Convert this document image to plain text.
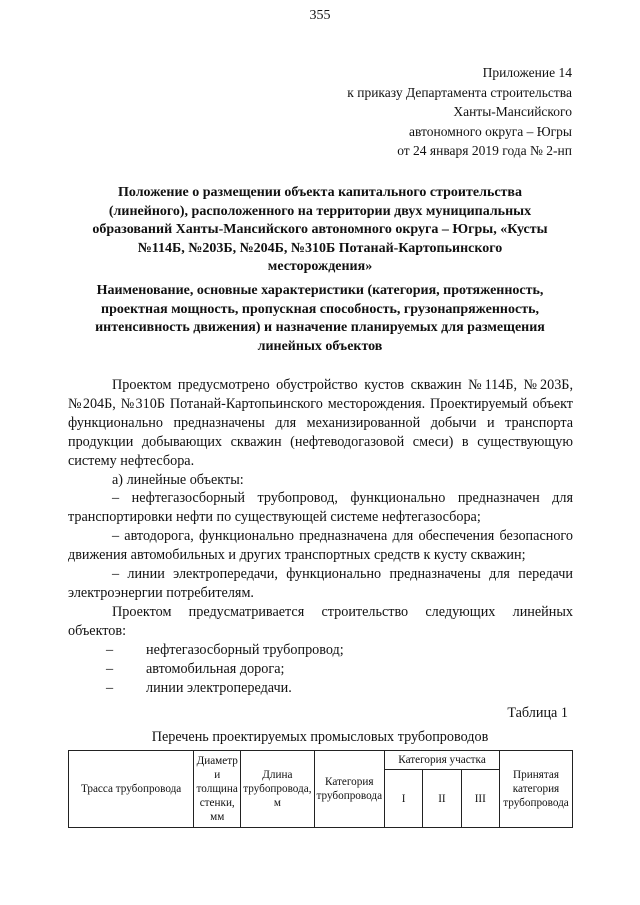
355
Приложение 14
к приказу Департамента строительства
Ханты-Мансийского
автономного округа – Югры
от 24 января 2019 года № 2-нп
Положение о размещении объекта капитального строительства
(линейного), расположенного на территории двух муниципальных
образований Ханты-Мансийского автономного округа – Югры, «Кусты
№114Б, №203Б, №204Б, №310Б Потанай-Картопьинского
месторождения»
Наименование, основные характеристики (категория, протяженность,
проектная мощность, пропускная способность, грузонапряженность,
интенсивность движения) и назначение планируемых для размещения
линейных объектов

Проектом предусмотрено обустройство кустов скважин №114Б, №203Б, №204Б, №310Б Потанай-Картопьинского месторождения. Проектируемый объект функционально предназначены для механизированной добычи и транспорта продукции добывающих скважин (нефтеводогазовой смеси) в существующую систему нефтесбора.

а) линейные объекты:

– нефтегазосборный трубопровод, функционально предназначен для транспортировки нефти по существующей системе нефтегазосбора;

– автодорога, функционально предназначена для обеспечения безопасного движения автомобильных и других транспортных средств к кусту скважин;

– линии электропередачи, функционально предназначены для передачи электроэнергии потребителям.

Проектом предусматривается строительство следующих линейных объектов:

–	нефтегазосборный трубопровод;
–	автомобильная дорога;
–	линии электропередачи.
Таблица 1
Перечень проектируемых промысловых трубопроводов
Трасса трубопровода	Диаметр и толщина стенки, мм	Длина трубопровода, м	Категория трубопровода	Категория участка			Принятая категория трубопровода
				I	II	III	
